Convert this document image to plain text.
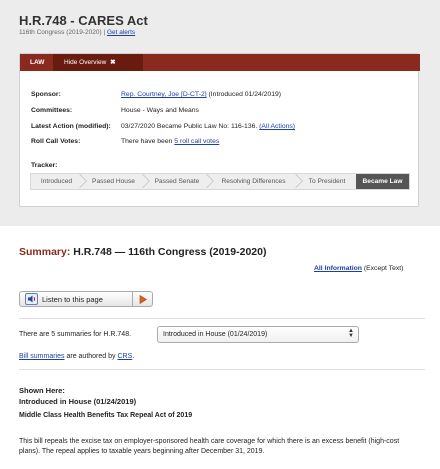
H.R.748 - CARES Act
116th Congress (2019-2020) | Get alerts
LAW	Hide Overview ✖
Sponsor:	Rep. Courtney, Joe [D-CT-2] (Introduced 01/24/2019)
Committees:	House - Ways and Means
Latest Action (modified): 03/27/2020 Became Public Law No: 116-136. (All Actions)
Roll Call Votes:	There have been 5 roll call votes
Tracker:
Introduced	Passed House	Passed Senate	Resolving Differences	To President	Became Law
Summary: H.R.748 — 116th Congress (2019-2020)
All Information (Except Text)
Listen to this page
There are 5 summaries for H.R.748.	Introduced in House (01/24/2019)	▲
▼
Bill summaries are authored by CRS.
Shown Here:
Introduced in House (01/24/2019)
Middle Class Health Benefits Tax Repeal Act of 2019
This bill repeals the excise tax on employer-sponsored health care coverage for which there is an excess benefit (high-cost plans). The repeal applies to taxable years beginning after December 31, 2019.
